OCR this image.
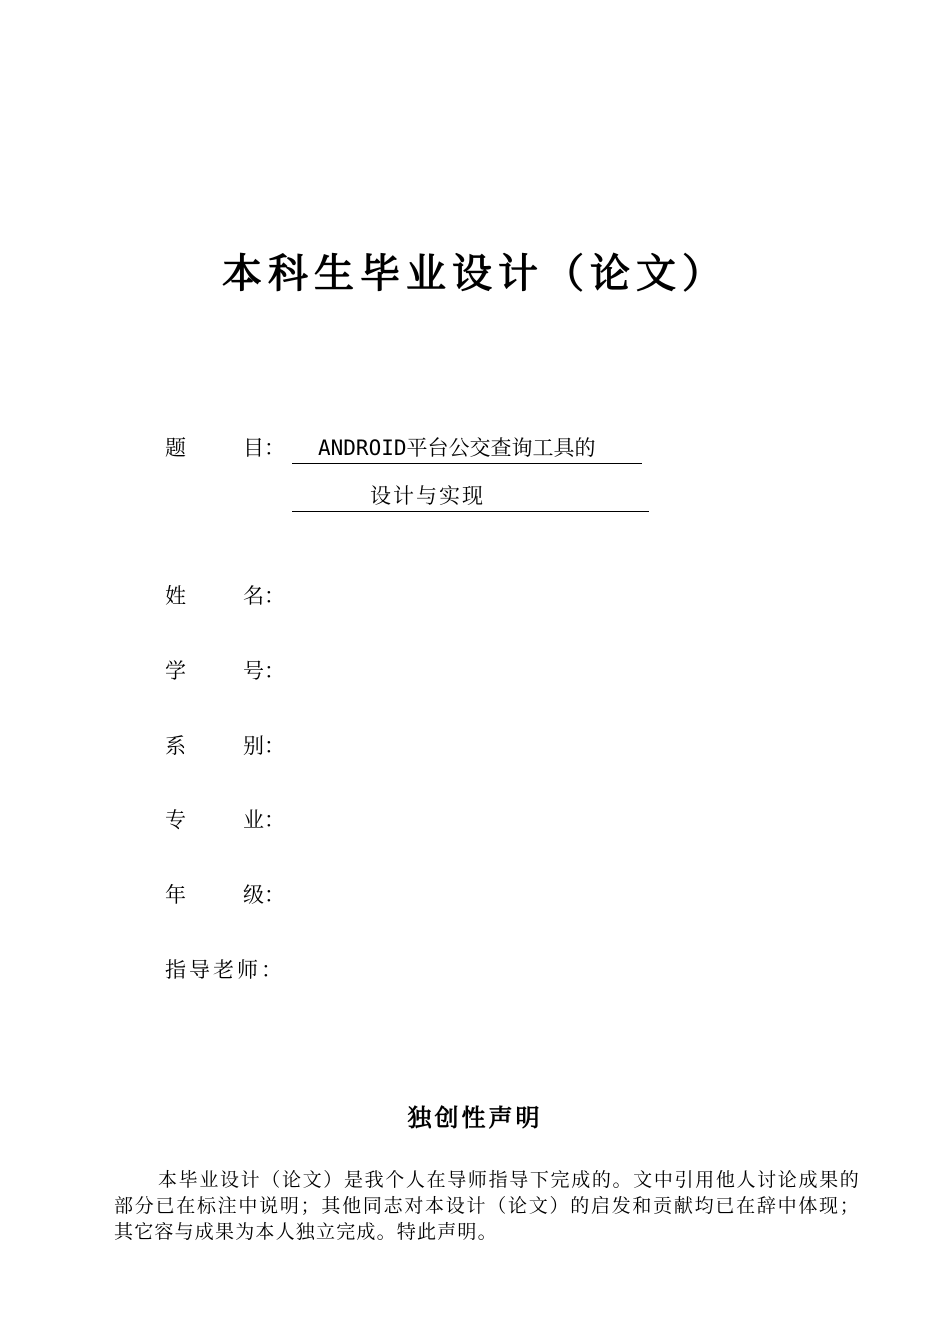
本科生毕业设计（论文）
题	目：	ANDROID平台公交查询工具的
设计与实现
姓	名：
学	号：
系	别：
专	业：
年	级：
指导老师：
独创性声明
本毕业设计（论文）是我个人在导师指导下完成的。文中引用他人讨论成果的部分已在标注中说明；其他同志对本设计（论文）的启发和贡献均已在辞中体现；其它容与成果为本人独立完成。特此声明。
